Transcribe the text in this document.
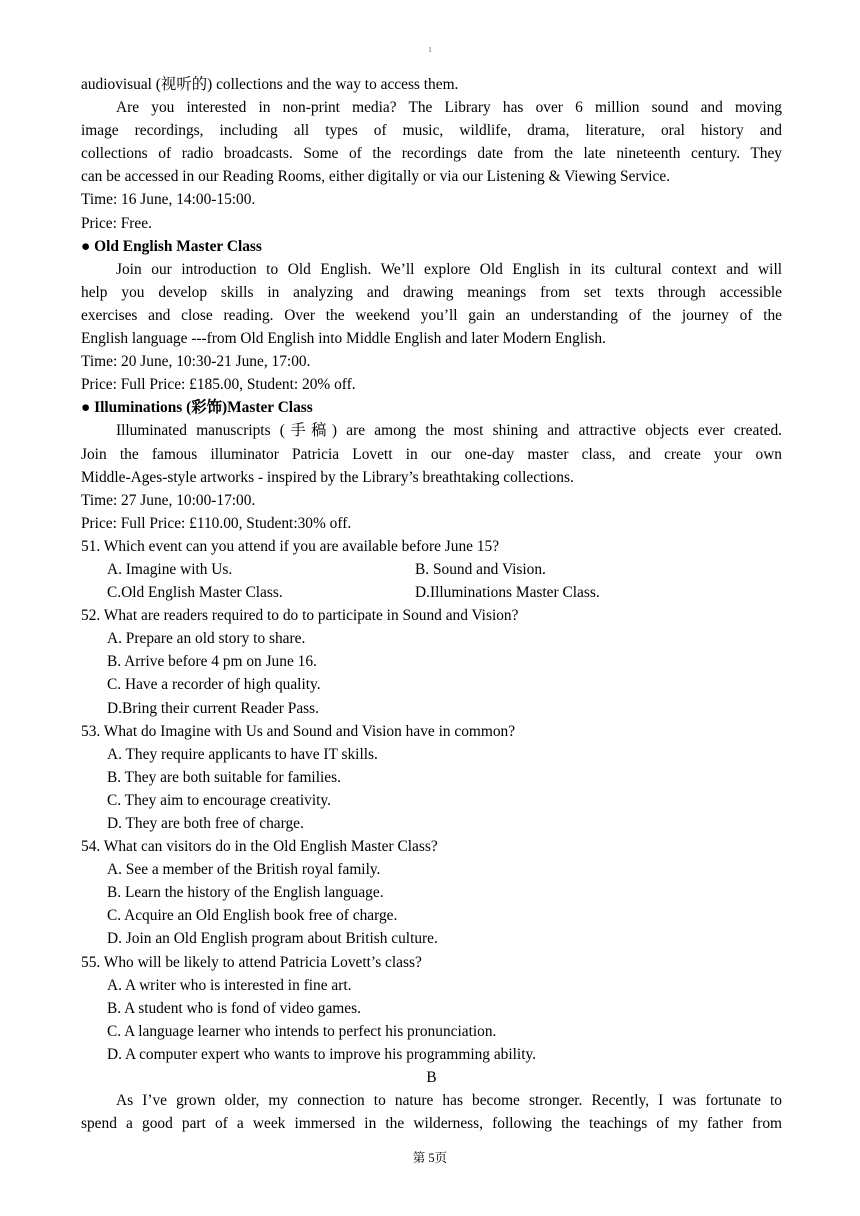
1
audiovisual (视听的) collections and the way to access them.
Are you interested in non-print media? The Library has over 6 million sound and moving
image recordings, including all types of music, wildlife, drama, literature, oral history and
collections of radio broadcasts. Some of the recordings date from the late nineteenth century. They
can be accessed in our Reading Rooms, either digitally or via our Listening & Viewing Service.
Time: 16 June, 14:00-15:00.
Price: Free.
● Old English Master Class
Join our introduction to Old English. We’ll explore Old English in its cultural context and will
help you develop skills in analyzing and drawing meanings from set texts through accessible
exercises and close reading. Over the weekend you’ll gain an understanding of the journey of the
English language ---from Old English into Middle English and later Modern English.
Time: 20 June, 10:30-21 June, 17:00.
Price: Full Price: £185.00, Student: 20% off.
● Illuminations (彩饰)Master Class
Illuminated manuscripts (手稿) are among the most shining and attractive objects ever created.
Join the famous illuminator Patricia Lovett in our one-day master class, and create your own
Middle-Ages-style artworks - inspired by the Library’s breathtaking collections.
Time: 27 June, 10:00-17:00.
Price: Full Price: £110.00, Student:30% off.
51. Which event can you attend if you are available before June 15?
A. Imagine with Us.	B. Sound and Vision.
C.Old English Master Class.	D.Illuminations Master Class.
52. What are readers required to do to participate in Sound and Vision?
A. Prepare an old story to share.
B. Arrive before 4 pm on June 16.
C. Have a recorder of high quality.
D.Bring their current Reader Pass.
53. What do Imagine with Us and Sound and Vision have in common?
A. They require applicants to have IT skills.
B. They are both suitable for families.
C. They aim to encourage creativity.
D. They are both free of charge.
54. What can visitors do in the Old English Master Class?
A. See a member of the British royal family.
B. Learn the history of the English language.
C. Acquire an Old English book free of charge.
D. Join an Old English program about British culture.
55. Who will be likely to attend Patricia Lovett’s class?
A. A writer who is interested in fine art.
B. A student who is fond of video games.
C. A language learner who intends to perfect his pronunciation.
D. A computer expert who wants to improve his programming ability.
B
As I’ve grown older, my connection to nature has become stronger. Recently, I was fortunate to
spend a good part of a week immersed in the wilderness, following the teachings of my father from
第 5页
